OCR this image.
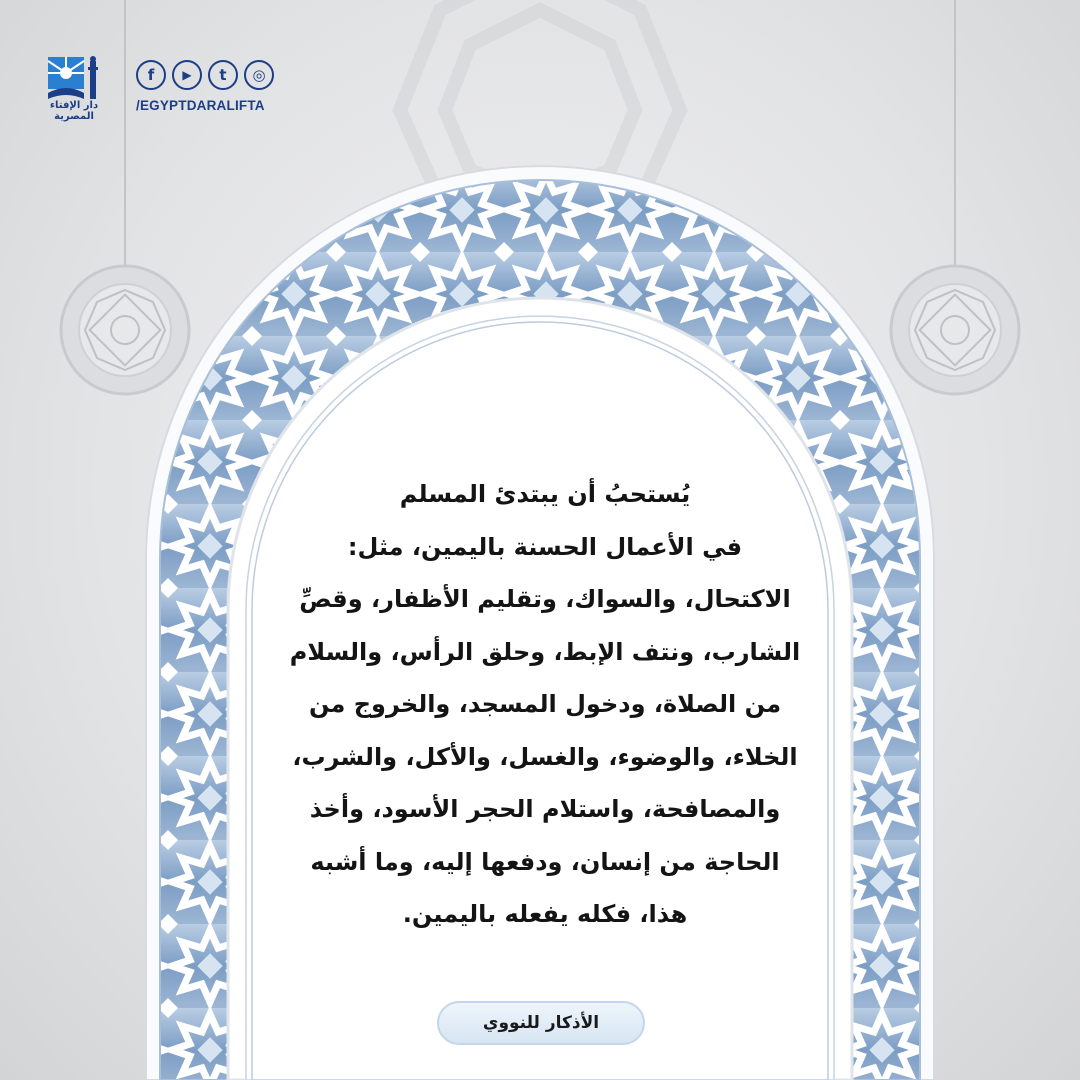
دار الإفتاء المصرية
f	▶	t	◎
/EGYPTDARALIFTA
يُستحبُ أن يبتدئ المسلم
في الأعمال الحسنة باليمين، مثل:
الاكتحال، والسواك، وتقليم الأظفار، وقصِّ
الشارب، ونتف الإبط، وحلق الرأس، والسلام
من الصلاة، ودخول المسجد، والخروج من
الخلاء، والوضوء، والغسل، والأكل، والشرب،
والمصافحة، واستلام الحجر الأسود، وأخذ
الحاجة من إنسان، ودفعها إليه، وما أشبه
هذا، فكله يفعله باليمين.
الأذكار للنووي
